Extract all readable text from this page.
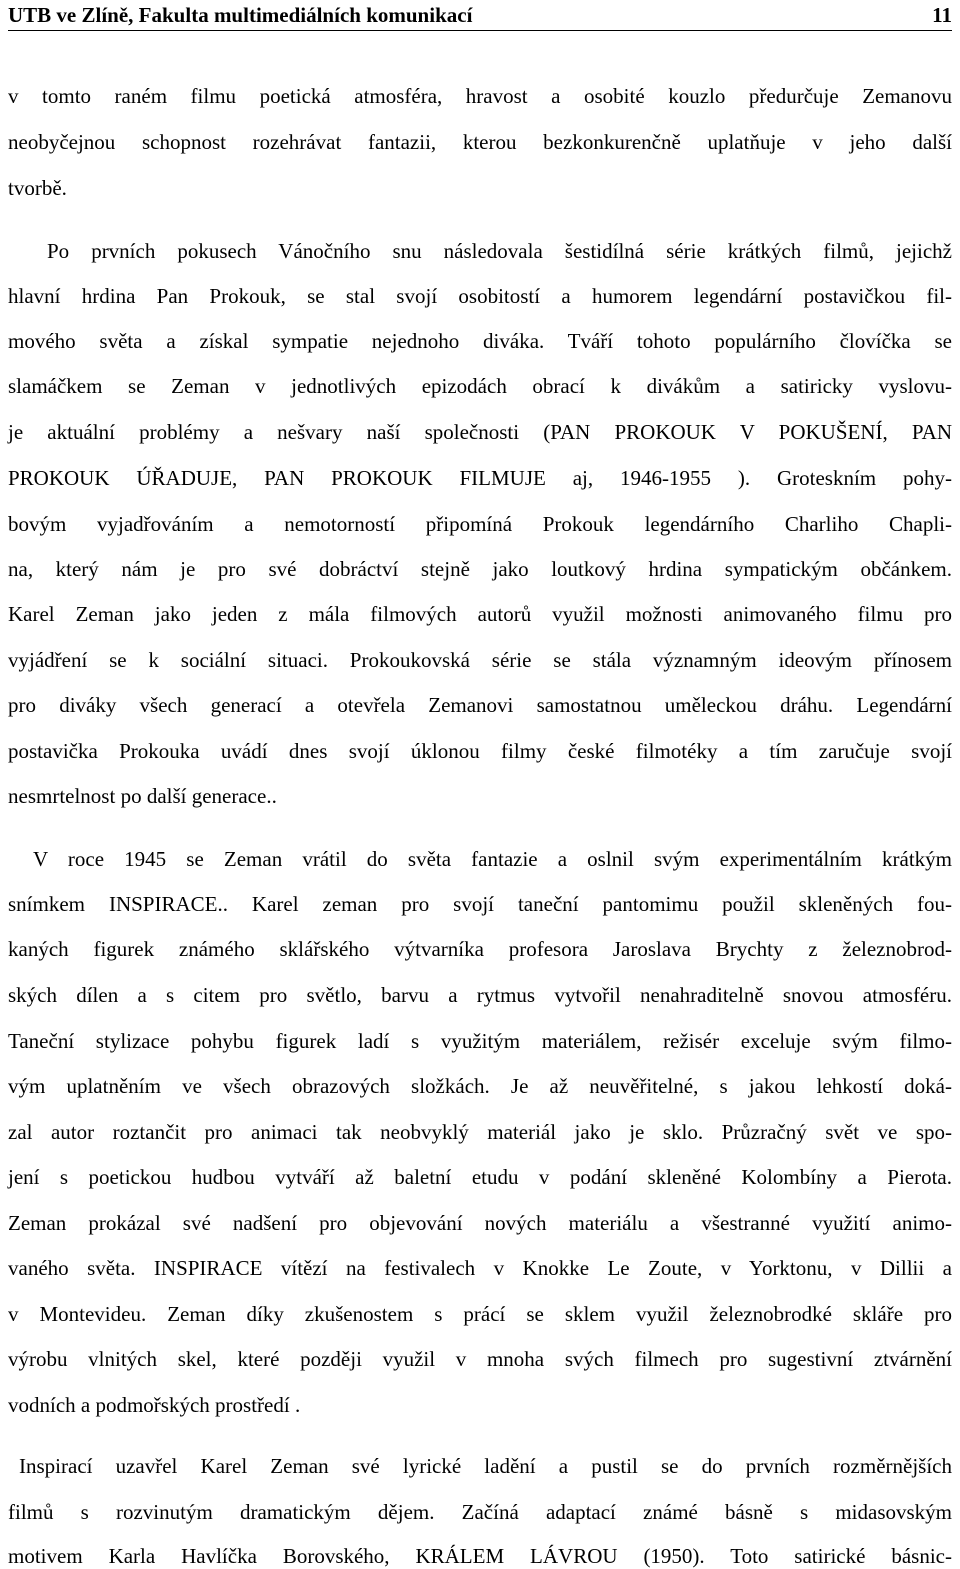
UTB ve Zlíně, Fakulta multimediálních komunikací	11
v tomto raném filmu poetická atmosféra, hravost a osobité kouzlo předurčuje Zemanovu
neobyčejnou schopnost rozehrávat fantazii, kterou bezkonkurenčně uplatňuje v jeho další
tvorbě.
Po prvních pokusech Vánočního snu následovala šestidílná série krátkých filmů, jejichž
hlavní hrdina Pan Prokouk, se stal svojí osobitostí a humorem legendární postavičkou fil-
mového světa a získal sympatie nejednoho diváka. Tváří tohoto populárního človíčka se
slamáčkem se Zeman v jednotlivých epizodách obrací k divákům a satiricky vyslovu-
je aktuální problémy a nešvary naší společnosti (PAN PROKOUK V POKUŠENÍ, PAN
PROKOUK ÚŘADUJE, PAN PROKOUK FILMUJE aj, 1946-1955 ). Groteskním pohy-
bovým vyjadřováním a nemotorností připomíná Prokouk legendárního Charliho Chapli-
na, který nám je pro své dobráctví stejně jako loutkový hrdina sympatickým občánkem.
Karel Zeman jako jeden z mála filmových autorů využil možnosti animovaného filmu pro
vyjádření se k sociální situaci. Prokoukovská série se stála významným ideovým přínosem
pro diváky všech generací a otevřela Zemanovi samostatnou uměleckou dráhu. Legendární
postavička Prokouka uvádí dnes svojí úklonou filmy české filmotéky a tím zaručuje svojí
nesmrtelnost po další generace..
V roce 1945 se Zeman vrátil do světa fantazie a oslnil svým experimentálním krátkým
snímkem INSPIRACE.. Karel zeman pro svojí taneční pantomimu použil skleněných fou-
kaných figurek známého sklářského výtvarníka profesora Jaroslava Brychty z železnobrod-
ských dílen a s citem pro světlo, barvu a rytmus vytvořil nenahraditelně snovou atmosféru.
Taneční stylizace pohybu figurek ladí s využitým materiálem, režisér exceluje svým filmo-
vým uplatněním ve všech obrazových složkách. Je až neuvěřitelné, s jakou lehkostí doká-
zal autor roztančit pro animaci tak neobvyklý materiál jako je sklo. Průzračný svět ve spo-
jení s poetickou hudbou vytváří až baletní etudu v podání skleněné Kolombíny a Pierota.
Zeman prokázal své nadšení pro objevování nových materiálu a všestranné využití animo-
vaného světa. INSPIRACE vítězí na festivalech v Knokke Le Zoute, v Yorktonu, v Dillii a
v Montevideu. Zeman díky zkušenostem s prácí se sklem využil železnobrodké skláře pro
výrobu vlnitých skel, které později využil v mnoha svých filmech pro sugestivní ztvárnění
vodních a podmořských prostředí .
Inspirací uzavřel Karel Zeman své lyrické ladění a pustil se do prvních rozměrnějších
filmů s rozvinutým dramatickým dějem. Začíná adaptací známé básně s midasovským
motivem Karla Havlíčka Borovského, KRÁLEM LÁVROU (1950). Toto satirické básnic-
